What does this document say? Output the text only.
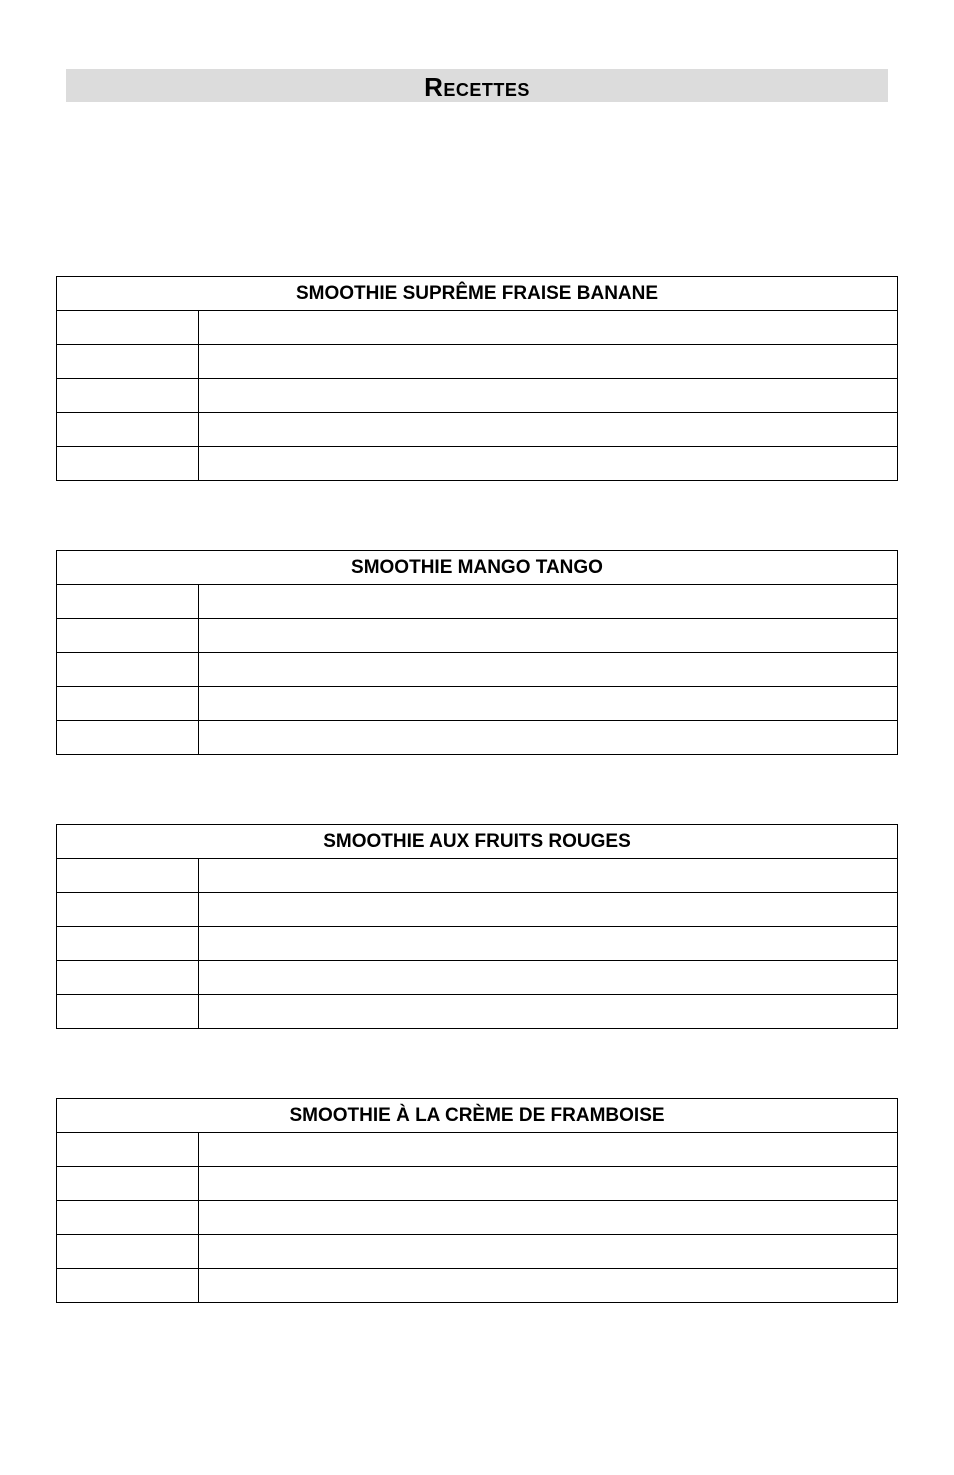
Recettes
SMOOTHIE SUPRÊME FRAISE BANANE	

SMOOTHIE MANGO TANGO	

SMOOTHIE AUX FRUITS ROUGES	

SMOOTHIE À LA CRÈME DE FRAMBOISE	
